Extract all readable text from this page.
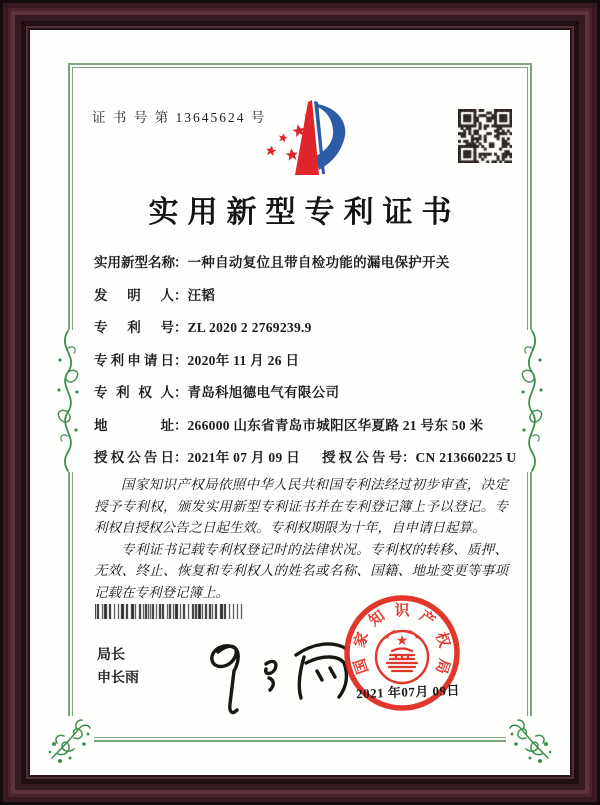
证 书 号 第 13645624 号
实用新型专利证书
实用新型名称：一种自动复位且带自检功能的漏电保护开关
发明人：汪韬
专利号：ZL 2020 2 2769239.9
专利申请日：2020年 11 月 26 日
专利权人：青岛科旭德电气有限公司
地址：266000 山东省青岛市城阳区华夏路 21 号东 50 米
授权公告日：2021年 07 月 09 日	授权公告号：CN 213660225 U

国家知识产权局依照中华人民共和国专利法经过初步审查，决定授予专利权，颁发实用新型专利证书并在专利登记簿上予以登记。专利权自授权公告之日起生效。专利权期限为十年，自申请日起算。

专利证书记载专利权登记时的法律状况。专利权的转移、质押、无效、终止、恢复和专利权人的姓名或名称、国籍、地址变更等事项记载在专利登记簿上。

局长
申长雨
国
家
知 识 产
权
局
★
★
★ ★
★
2021 年07月 09日
